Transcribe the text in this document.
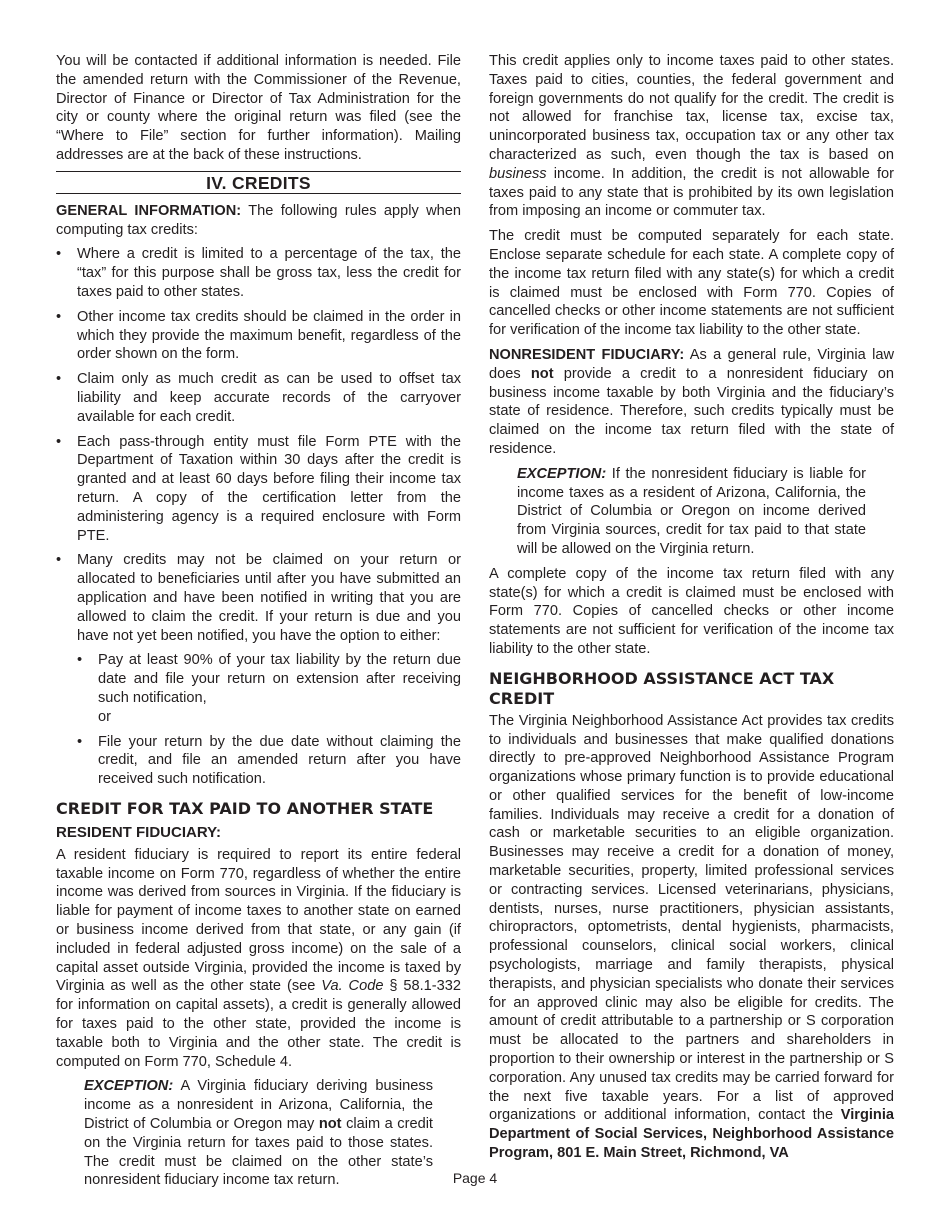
You will be contacted if additional information is needed. File the amended return with the Commissioner of the Revenue, Director of Finance or Director of Tax Administration for the city or county where the original return was filed (see the “Where to File” section for further information). Mailing addresses are at the back of these instructions.

IV. CREDITS

GENERAL INFORMATION: The following rules apply when computing tax credits:

• Where a credit is limited to a percentage of the tax, the “tax” for this purpose shall be gross tax, less the credit for taxes paid to other states.
• Other income tax credits should be claimed in the order in which they provide the maximum benefit, regardless of the order shown on the form.
• Claim only as much credit as can be used to offset tax liability and keep accurate records of the carryover available for each credit.
• Each pass-through entity must file Form PTE with the Department of Taxation within 30 days after the credit is granted and at least 60 days before filing their income tax return. A copy of the certification letter from the administering agency is a required enclosure with Form PTE.
• Many credits may not be claimed on your return or allocated to beneficiaries until after you have submitted an application and have been notified in writing that you are allowed to claim the credit. If your return is due and you have not yet been notified, you have the option to either:
• Pay at least 90% of your tax liability by the return due date and file your return on extension after receiving such notification,
or
• File your return by the due date without claiming the credit, and file an amended return after you have received such notification.
CREDIT FOR TAX PAID TO ANOTHER STATE
RESIDENT FIDUCIARY:

A resident fiduciary is required to report its entire federal taxable income on Form 770, regardless of whether the entire income was derived from sources in Virginia. If the fiduciary is liable for payment of income taxes to another state on earned or business income derived from that state, or any gain (if included in federal adjusted gross income) on the sale of a capital asset outside Virginia, provided the income is taxed by Virginia as well as the other state (see Va. Code § 58.1-332 for information on capital assets), a credit is generally allowed for taxes paid to the other state, provided the income is taxable both to Virginia and the other state. The credit is computed on Form 770, Schedule 4.

EXCEPTION: A Virginia fiduciary deriving business income as a nonresident in Arizona, California, the District of Columbia or Oregon may not claim a credit on the Virginia return for taxes paid to those states. The credit must be claimed on the other state’s nonresident fiduciary income tax return.

This credit applies only to income taxes paid to other states. Taxes paid to cities, counties, the federal government and foreign governments do not qualify for the credit. The credit is not allowed for franchise tax, license tax, excise tax, unincorporated business tax, occupation tax or any other tax characterized as such, even though the tax is based on business income. In addition, the credit is not allowable for taxes paid to any state that is prohibited by its own legislation from imposing an income or commuter tax.

The credit must be computed separately for each state. Enclose separate schedule for each state. A complete copy of the income tax return filed with any state(s) for which a credit is claimed must be enclosed with Form 770. Copies of cancelled checks or other income statements are not sufficient for verification of the income tax liability to the other state.

NONRESIDENT FIDUCIARY: As a general rule, Virginia law does not provide a credit to a nonresident fiduciary on business income taxable by both Virginia and the fiduciary’s state of residence. Therefore, such credits typically must be claimed on the income tax return filed with the state of residence.

EXCEPTION: If the nonresident fiduciary is liable for income taxes as a resident of Arizona, California, the District of Columbia or Oregon on income derived from Virginia sources, credit for tax paid to that state will be allowed on the Virginia return.

A complete copy of the income tax return filed with any state(s) for which a credit is claimed must be enclosed with Form 770. Copies of cancelled checks or other income statements are not sufficient for verification of the income tax liability to the other state.

NEIGHBORHOOD ASSISTANCE ACT TAX CREDIT

The Virginia Neighborhood Assistance Act provides tax credits to individuals and businesses that make qualified donations directly to pre-approved Neighborhood Assistance Program organizations whose primary function is to provide educational or other qualified services for the benefit of low-income families. Individuals may receive a credit for a donation of cash or marketable securities to an eligible organization. Businesses may receive a credit for a donation of money, marketable securities, property, limited professional services or contracting services. Licensed veterinarians, physicians, dentists, nurses, nurse practitioners, physician assistants, chiropractors, optometrists, dental hygienists, pharmacists, professional counselors, clinical social workers, clinical psychologists, marriage and family therapists, physical therapists, and physician specialists who donate their services for an approved clinic may also be eligible for credits. The amount of credit attributable to a partnership or S corporation must be allocated to the partners and shareholders in proportion to their ownership or interest in the partnership or S corporation. Any unused tax credits may be carried forward for the next five taxable years. For a list of approved organizations or additional information, contact the Virginia Department of Social Services, Neighborhood Assistance Program, 801 E. Main Street, Richmond, VA

Page 4
